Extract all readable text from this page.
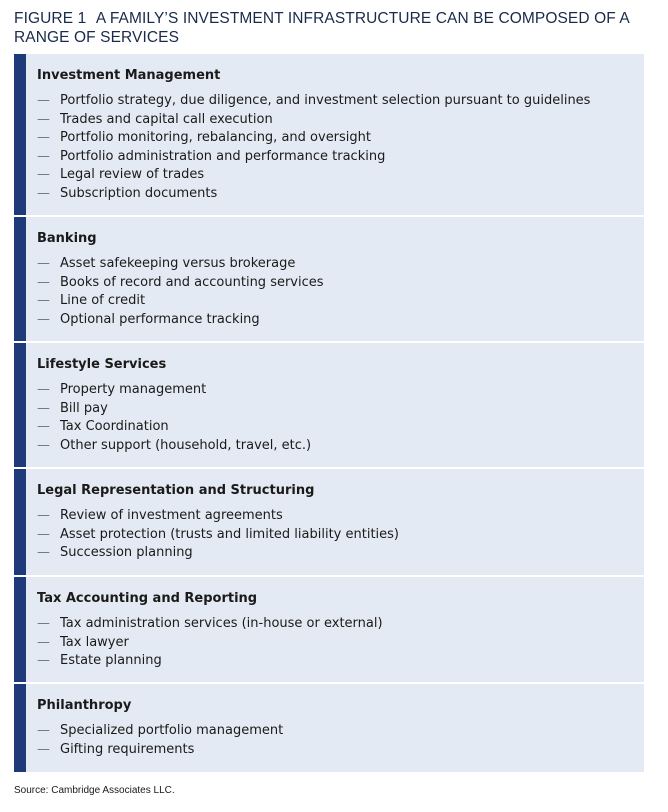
FIGURE 1 A FAMILY’S INVESTMENT INFRASTRUCTURE CAN BE COMPOSED OF A RANGE OF SERVICES
Investment Management
— Portfolio strategy, due diligence, and investment selection pursuant to guidelines
— Trades and capital call execution
— Portfolio monitoring, rebalancing, and oversight
— Portfolio administration and performance tracking
— Legal review of trades
— Subscription documents
Banking
— Asset safekeeping versus brokerage
— Books of record and accounting services
— Line of credit
— Optional performance tracking
Lifestyle Services
— Property management
— Bill pay
— Tax Coordination
— Other support (household, travel, etc.)
Legal Representation and Structuring
— Review of investment agreements
— Asset protection (trusts and limited liability entities)
— Succession planning
Tax Accounting and Reporting
— Tax administration services (in-house or external)
— Tax lawyer
— Estate planning
Philanthropy
— Specialized portfolio management
— Gifting requirements
Source: Cambridge Associates LLC.
